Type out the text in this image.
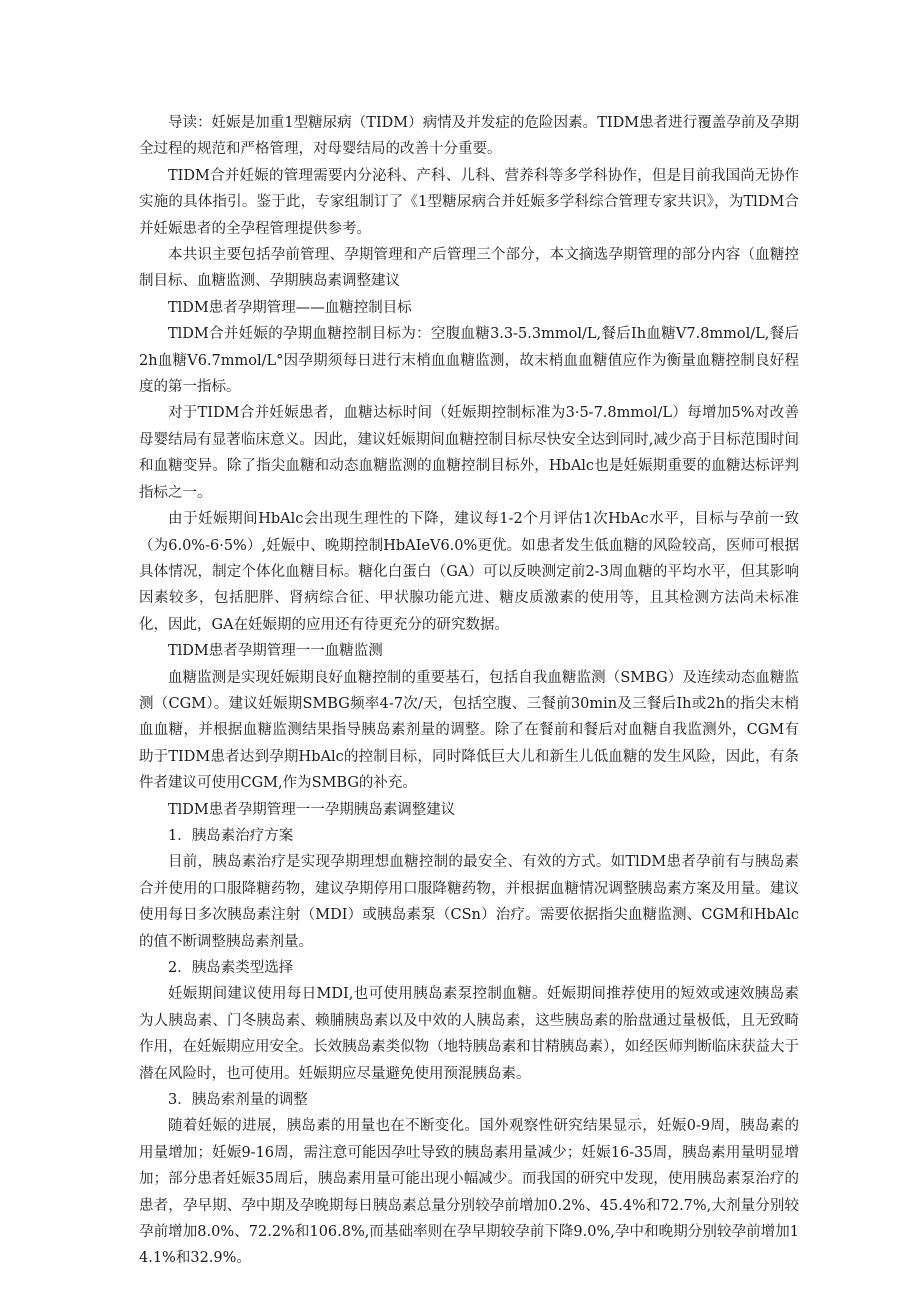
导读：妊娠是加重1型糖尿病（TIDM）病情及并发症的危险因素。TIDM患者进行覆盖孕前及孕期全过程的规范和严格管理，对母婴结局的改善十分重要。

TIDM合并妊娠的管理需要内分泌科、产科、儿科、营养科等多学科协作，但是目前我国尚无协作实施的具体指引。鉴于此，专家组制订了《1型糖尿病合并妊娠多学科综合管理专家共识》，为TlDM合并妊娠患者的全孕程管理提供参考。

本共识主要包括孕前管理、孕期管理和产后管理三个部分，本文摘选孕期管理的部分内容（血糖控制目标、血糖监测、孕期胰岛素调整建议

TlDM患者孕期管理——血糖控制目标

TlDM合并妊娠的孕期血糖控制目标为：空腹血糖3.3-5.3mmol∕L,餐后Ih血糖V7.8mmol∕L,餐后2h血糖V6.7mmol∕L°因孕期须每日进行末梢血血糖监测，故末梢血血糖值应作为衡量血糖控制良好程度的第一指标。

对于TIDM合并妊娠患者，血糖达标时间（妊娠期控制标准为3·5-7.8mmol∕L）每增加5%对改善母婴结局有显著临床意义。因此，建议妊娠期间血糖控制目标尽快安全达到同时,减少高于目标范围时间和血糖变异。除了指尖血糖和动态血糖监测的血糖控制目标外，HbAlc也是妊娠期重要的血糖达标评判指标之一。

由于妊娠期间HbAlc会出现生理性的下降，建议每1-2个月评估1次HbAc水平，目标与孕前一致（为6.0%-6·5%）,妊娠中、晚期控制HbAIeV6.0%更优。如患者发生低血糖的风险较高，医师可根据具体情况，制定个体化血糖目标。糖化白蛋白（GA）可以反映测定前2-3周血糖的平均水平，但其影响因素较多，包括肥胖、肾病综合征、甲状腺功能亢进、糖皮质激素的使用等，且其检测方法尚未标准化，因此，GA在妊娠期的应用还有待更充分的研究数据。

TlDM患者孕期管理一一血糖监测

血糖监测是实现妊娠期良好血糖控制的重要基石，包括自我血糖监测（SMBG）及连续动态血糖监测（CGM）。建议妊娠期SMBG频率4-7次/天，包括空腹、三餐前30min及三餐后Ih或2h的指尖末梢血血糖，并根据血糖监测结果指导胰岛素剂量的调整。除了在餐前和餐后对血糖自我监测外，CGM有助于TIDM患者达到孕期HbAlc的控制目标，同时降低巨大儿和新生儿低血糖的发生风险，因此，有条件者建议可使用CGM,作为SMBG的补充。

TlDM患者孕期管理一一孕期胰岛素调整建议

1．胰岛素治疗方案

目前，胰岛素治疗是实现孕期理想血糖控制的最安全、有效的方式。如TlDM患者孕前有与胰岛素合并使用的口服降糖药物，建议孕期停用口服降糖药物，并根据血糖情况调整胰岛素方案及用量。建议使用每日多次胰岛素注射（MDI）或胰岛素泵（CSn）治疗。需要依据指尖血糖监测、CGM和HbAlc的值不断调整胰岛素剂量。

2．胰岛素类型选择

妊娠期间建议使用每日MDI,也可使用胰岛素泵控制血糖。妊娠期间推荐使用的短效或速效胰岛素为人胰岛素、门冬胰岛素、赖脯胰岛素以及中效的人胰岛素，这些胰岛素的胎盘通过量极低，且无致畸作用，在妊娠期应用安全。长效胰岛素类似物（地特胰岛素和甘精胰岛素），如经医师判断临床获益大于潜在风险时，也可使用。妊娠期应尽量避免使用预混胰岛素。

3．胰岛索剂量的调整

随着妊娠的进展，胰岛素的用量也在不断变化。国外观察性研究结果显示，妊娠0-9周，胰岛素的用量增加；妊娠9-16周，需注意可能因孕吐导致的胰岛素用量减少；妊娠16-35周，胰岛素用量明显增加；部分患者妊娠35周后，胰岛素用量可能出现小幅减少。而我国的研究中发现，使用胰岛素泵治疗的患者，孕早期、孕中期及孕晚期每日胰岛素总量分别较孕前增加0.2%、45.4%和72.7%,大剂量分别较孕前增加8.0%、72.2%和106.8%,而基础率则在孕早期较孕前下降9.0%,孕中和晚期分别较孕前增加14.1%和32.9%。
